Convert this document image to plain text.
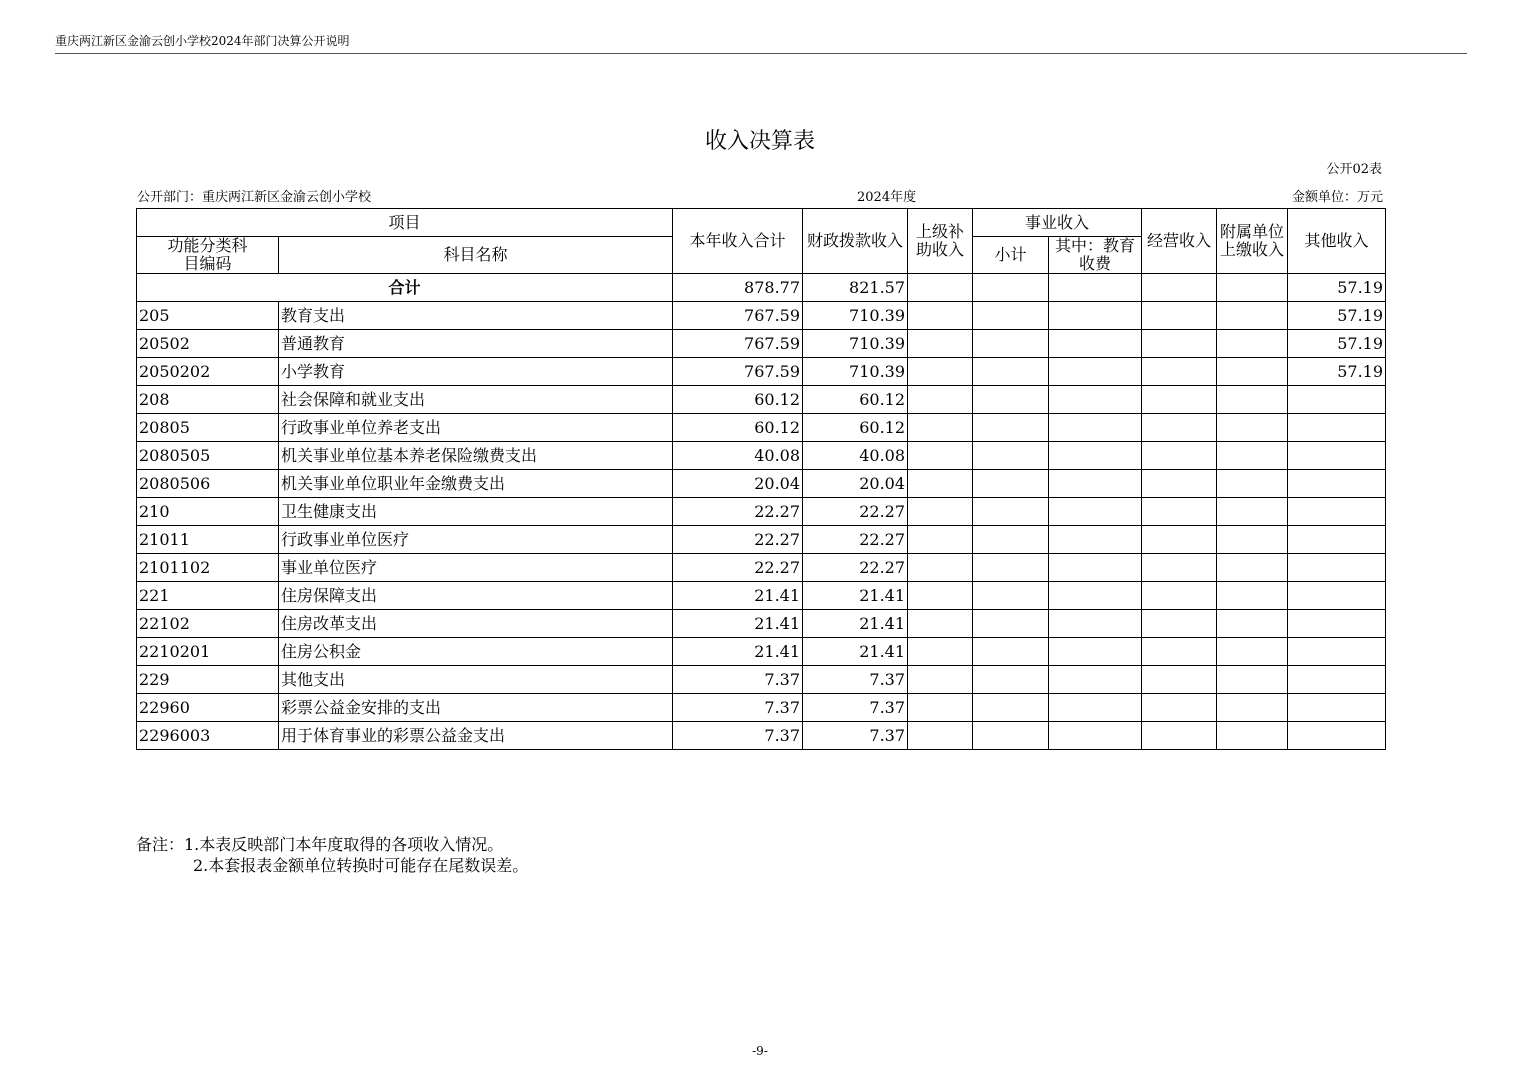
重庆两江新区金渝云创小学校2024年部门决算公开说明
收入决算表
公开02表
公开部门：重庆两江新区金渝云创小学校	2024年度	金额单位：万元
项目		本年收入合计	财政拨款收入	上级补助收入	事业收入		经营收入	附属单位上缴收入	其他收入
功能分类科目编码	科目名称				小计	其中：教育收费			
合计		878.77	821.57						57.19
205	教育支出	767.59	710.39						57.19
20502	普通教育	767.59	710.39						57.19
2050202	小学教育	767.59	710.39						57.19
208	社会保障和就业支出	60.12	60.12						
20805	行政事业单位养老支出	60.12	60.12						
2080505	机关事业单位基本养老保险缴费支出	40.08	40.08						
2080506	机关事业单位职业年金缴费支出	20.04	20.04						
210	卫生健康支出	22.27	22.27						
21011	行政事业单位医疗	22.27	22.27						
2101102	事业单位医疗	22.27	22.27						
221	住房保障支出	21.41	21.41						
22102	住房改革支出	21.41	21.41						
2210201	住房公积金	21.41	21.41						
229	其他支出	7.37	7.37						
22960	彩票公益金安排的支出	7.37	7.37						
2296003	用于体育事业的彩票公益金支出	7.37	7.37						
备注：1.本表反映部门本年度取得的各项收入情况。
2.本套报表金额单位转换时可能存在尾数误差。
-9-
